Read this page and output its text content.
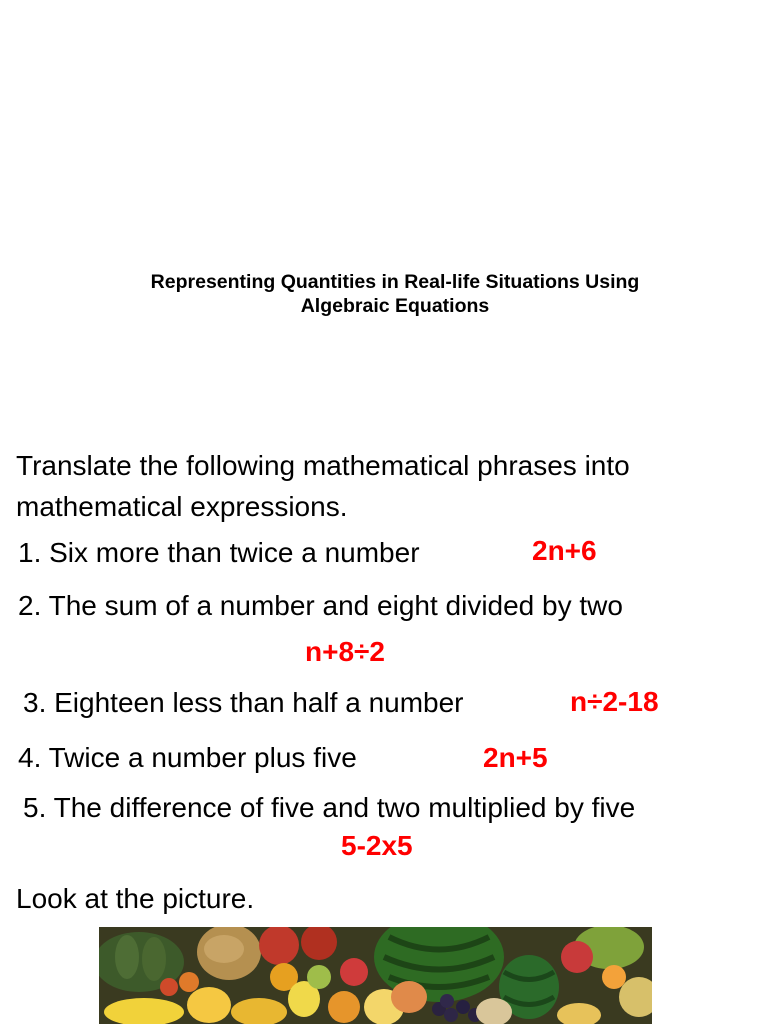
Representing Quantities in Real-life Situations Using
Algebraic Equations
Translate the following mathematical phrases into
mathematical expressions.
1. Six more than twice a number	2n+6
2. The sum of a number and eight divided by two
n+8÷2
3. Eighteen less than half a number	n÷2-18
4. Twice a number plus five	2n+5
5. The difference of five and two multiplied by five
5-2x5
Look at the picture.
